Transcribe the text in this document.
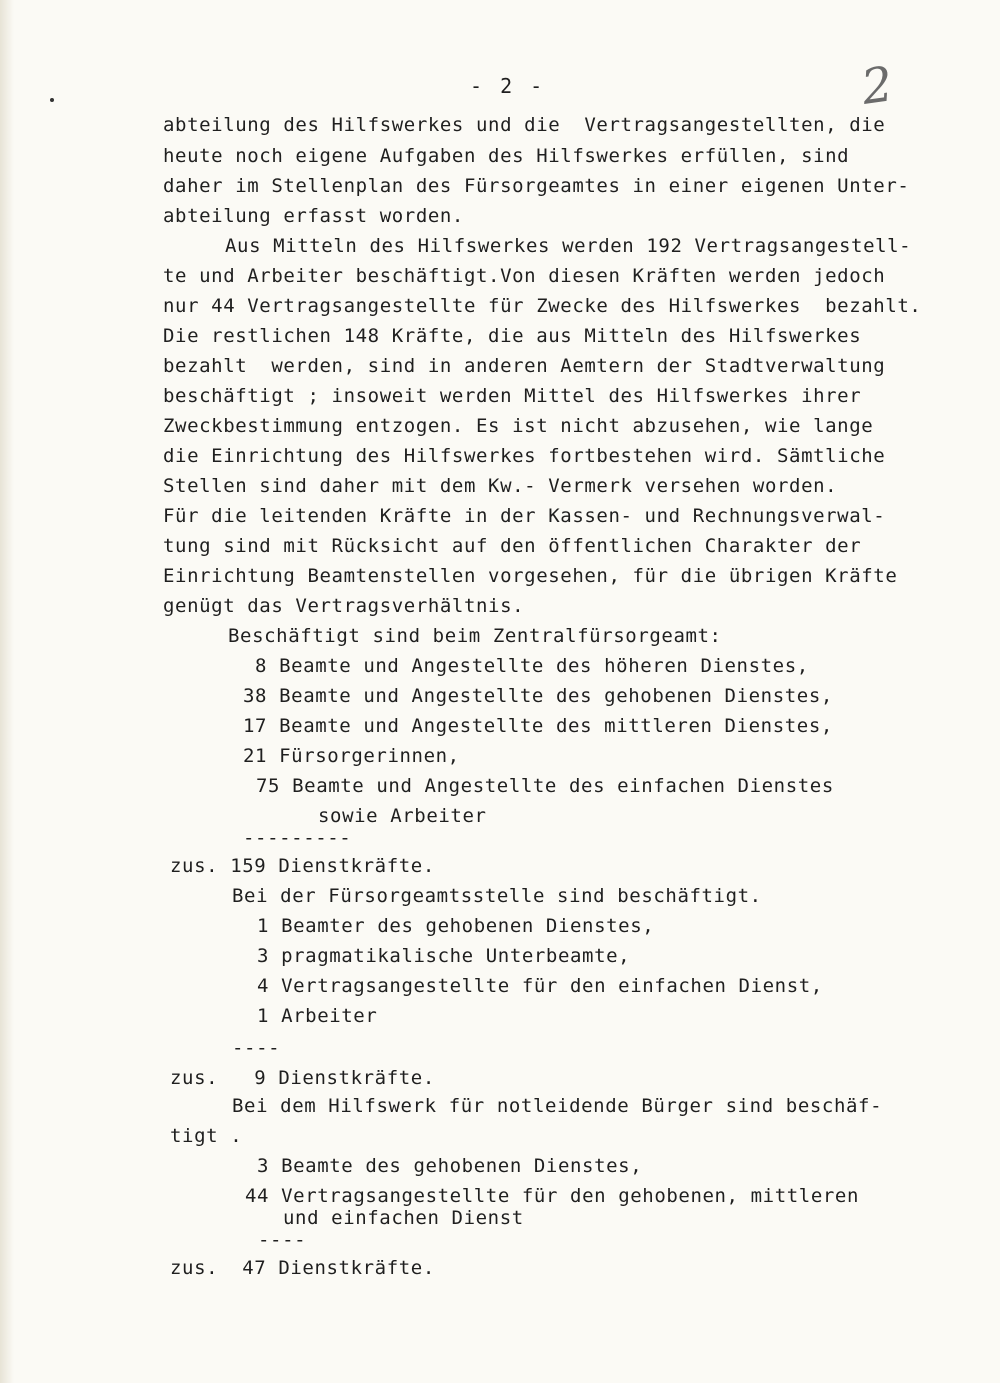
- 2 -	2
abteilung des Hilfswerkes und die  Vertragsangestellten, die
heute noch eigene Aufgaben des Hilfswerkes erfüllen, sind
daher im Stellenplan des Fürsorgeamtes in einer eigenen Unter-
abteilung erfasst worden.
Aus Mitteln des Hilfswerkes werden 192 Vertragsangestell-
te und Arbeiter beschäftigt.Von diesen Kräften werden jedoch
nur 44 Vertragsangestellte für Zwecke des Hilfswerkes  bezahlt.
Die restlichen 148 Kräfte, die aus Mitteln des Hilfswerkes
bezahlt  werden, sind in anderen Aemtern der Stadtverwaltung
beschäftigt ; insoweit werden Mittel des Hilfswerkes ihrer
Zweckbestimmung entzogen. Es ist nicht abzusehen, wie lange
die Einrichtung des Hilfswerkes fortbestehen wird. Sämtliche
Stellen sind daher mit dem Kw.- Vermerk versehen worden.
Für die leitenden Kräfte in der Kassen- und Rechnungsverwal-
tung sind mit Rücksicht auf den öffentlichen Charakter der
Einrichtung Beamtenstellen vorgesehen, für die übrigen Kräfte
genügt das Vertragsverhältnis.
Beschäftigt sind beim Zentralfürsorgeamt:
8 Beamte und Angestellte des höheren Dienstes,
38 Beamte und Angestellte des gehobenen Dienstes,
17 Beamte und Angestellte des mittleren Dienstes,
21 Fürsorgerinnen,
75 Beamte und Angestellte des einfachen Dienstes
sowie Arbeiter
---------
zus. 159 Dienstkräfte.
Bei der Fürsorgeamtsstelle sind beschäftigt.
1 Beamter des gehobenen Dienstes,
3 pragmatikalische Unterbeamte,
4 Vertragsangestellte für den einfachen Dienst,
1 Arbeiter
----
zus.   9 Dienstkräfte.
Bei dem Hilfswerk für notleidende Bürger sind beschäf-
tigt .
3 Beamte des gehobenen Dienstes,
44 Vertragsangestellte für den gehobenen, mittleren
und einfachen Dienst
----
zus.  47 Dienstkräfte.
